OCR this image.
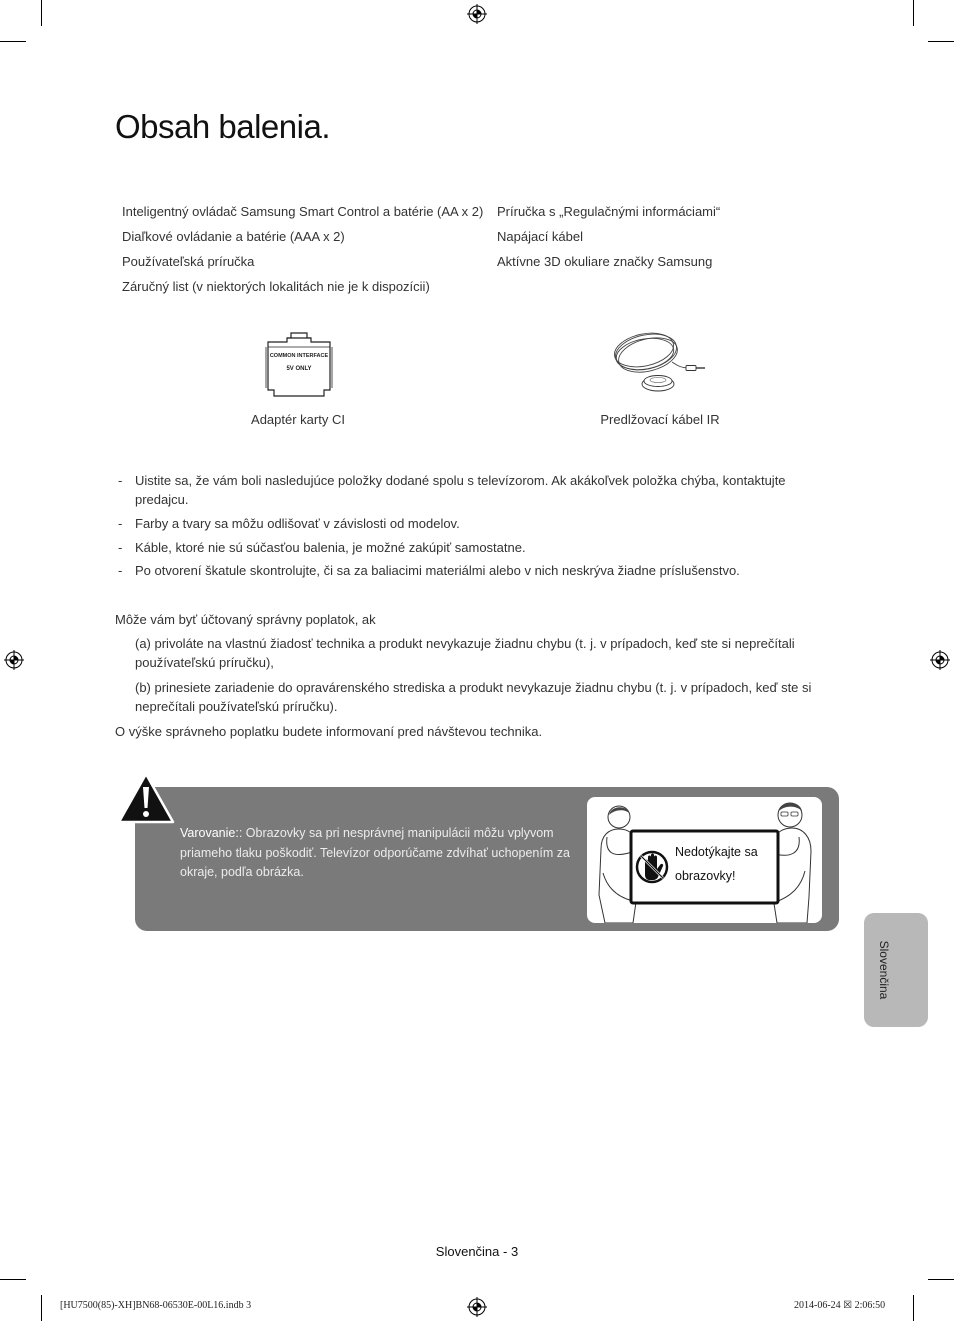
Obsah balenia.
Inteligentný ovládač Samsung Smart Control a batérie (AA x 2)
Diaľkové ovládanie a batérie (AAA x 2)
Používateľská príručka
Záručný list (v niektorých lokalitách nie je k dispozícii)
Príručka s „Regulačnými informáciami“
Napájací kábel
Aktívne 3D okuliare značky Samsung
COMMON INTERFACE
5V ONLY
Adaptér karty CI	Predlžovací kábel IR
- Uistite sa, že vám boli nasledujúce položky dodané spolu s televízorom. Ak akákoľvek položka chýba, kontaktujte predajcu.
- Farby a tvary sa môžu odlišovať v závislosti od modelov.
- Káble, ktoré nie sú súčasťou balenia, je možné zakúpiť samostatne.
- Po otvorení škatule skontrolujte, či sa za baliacimi materiálmi alebo v nich neskrýva žiadne príslušenstvo.
Môže vám byť účtovaný správny poplatok, ak
(a) privoláte na vlastnú žiadosť technika a produkt nevykazuje žiadnu chybu (t. j. v prípadoch, keď ste si neprečítali používateľskú príručku),
(b) prinesiete zariadenie do opravárenského strediska a produkt nevykazuje žiadnu chybu (t. j. v prípadoch, keď ste si neprečítali používateľskú príručku).
O výške správneho poplatku budete informovaní pred návštevou technika.
Varovanie:: Obrazovky sa pri nesprávnej manipulácii môžu vplyvom priameho tlaku poškodiť. Televízor odporúčame zdvíhať uchopením za okraje, podľa obrázka.
Nedotýkajte sa
obrazovky!
Slovenčina
Slovenčina - 3
[HU7500(85)-XH]BN68-06530E-00L16.indb 3	2014-06-24 ☒ 2:06:50
